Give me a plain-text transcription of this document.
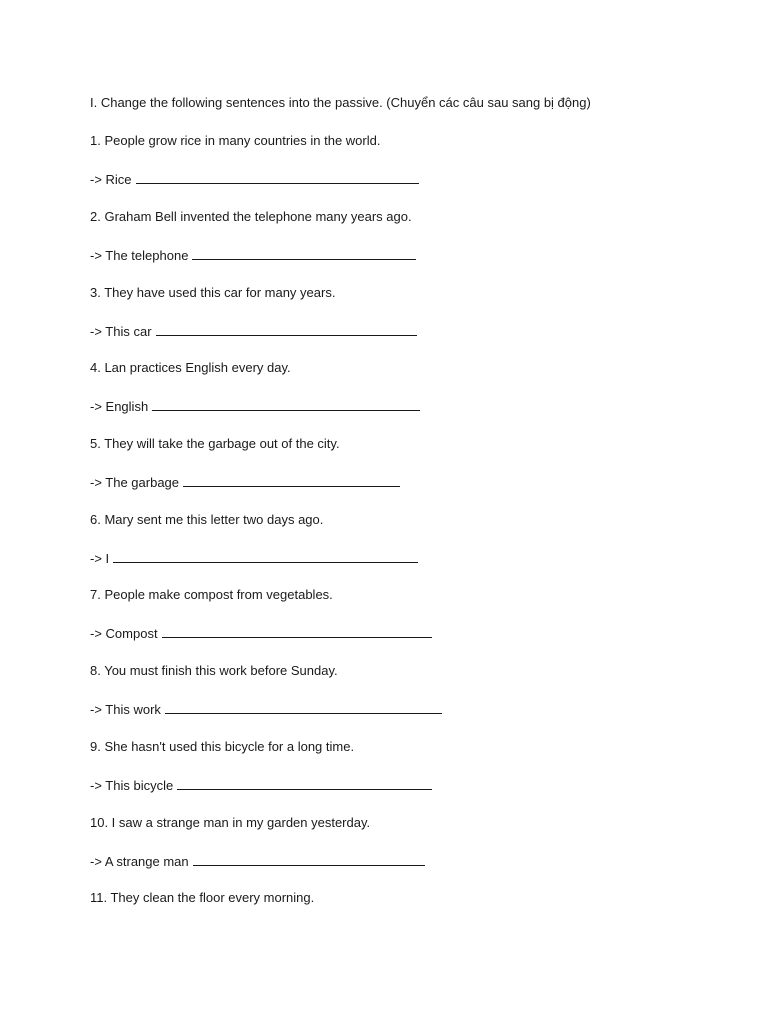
I. Change the following sentences into the passive. (Chuyển các câu sau sang bị động)
1. People grow rice in many countries in the world.
-> Rice
2. Graham Bell invented the telephone many years ago.
-> The telephone
3. They have used this car for many years.
-> This car
4. Lan practices English every day.
-> English
5. They will take the garbage out of the city.
-> The garbage
6. Mary sent me this letter two days ago.
-> I
7. People make compost from vegetables.
-> Compost
8. You must finish this work before Sunday.
-> This work
9. She hasn't used this bicycle for a long time.
-> This bicycle
10. I saw a strange man in my garden yesterday.
-> A strange man
11. They clean the floor every morning.
